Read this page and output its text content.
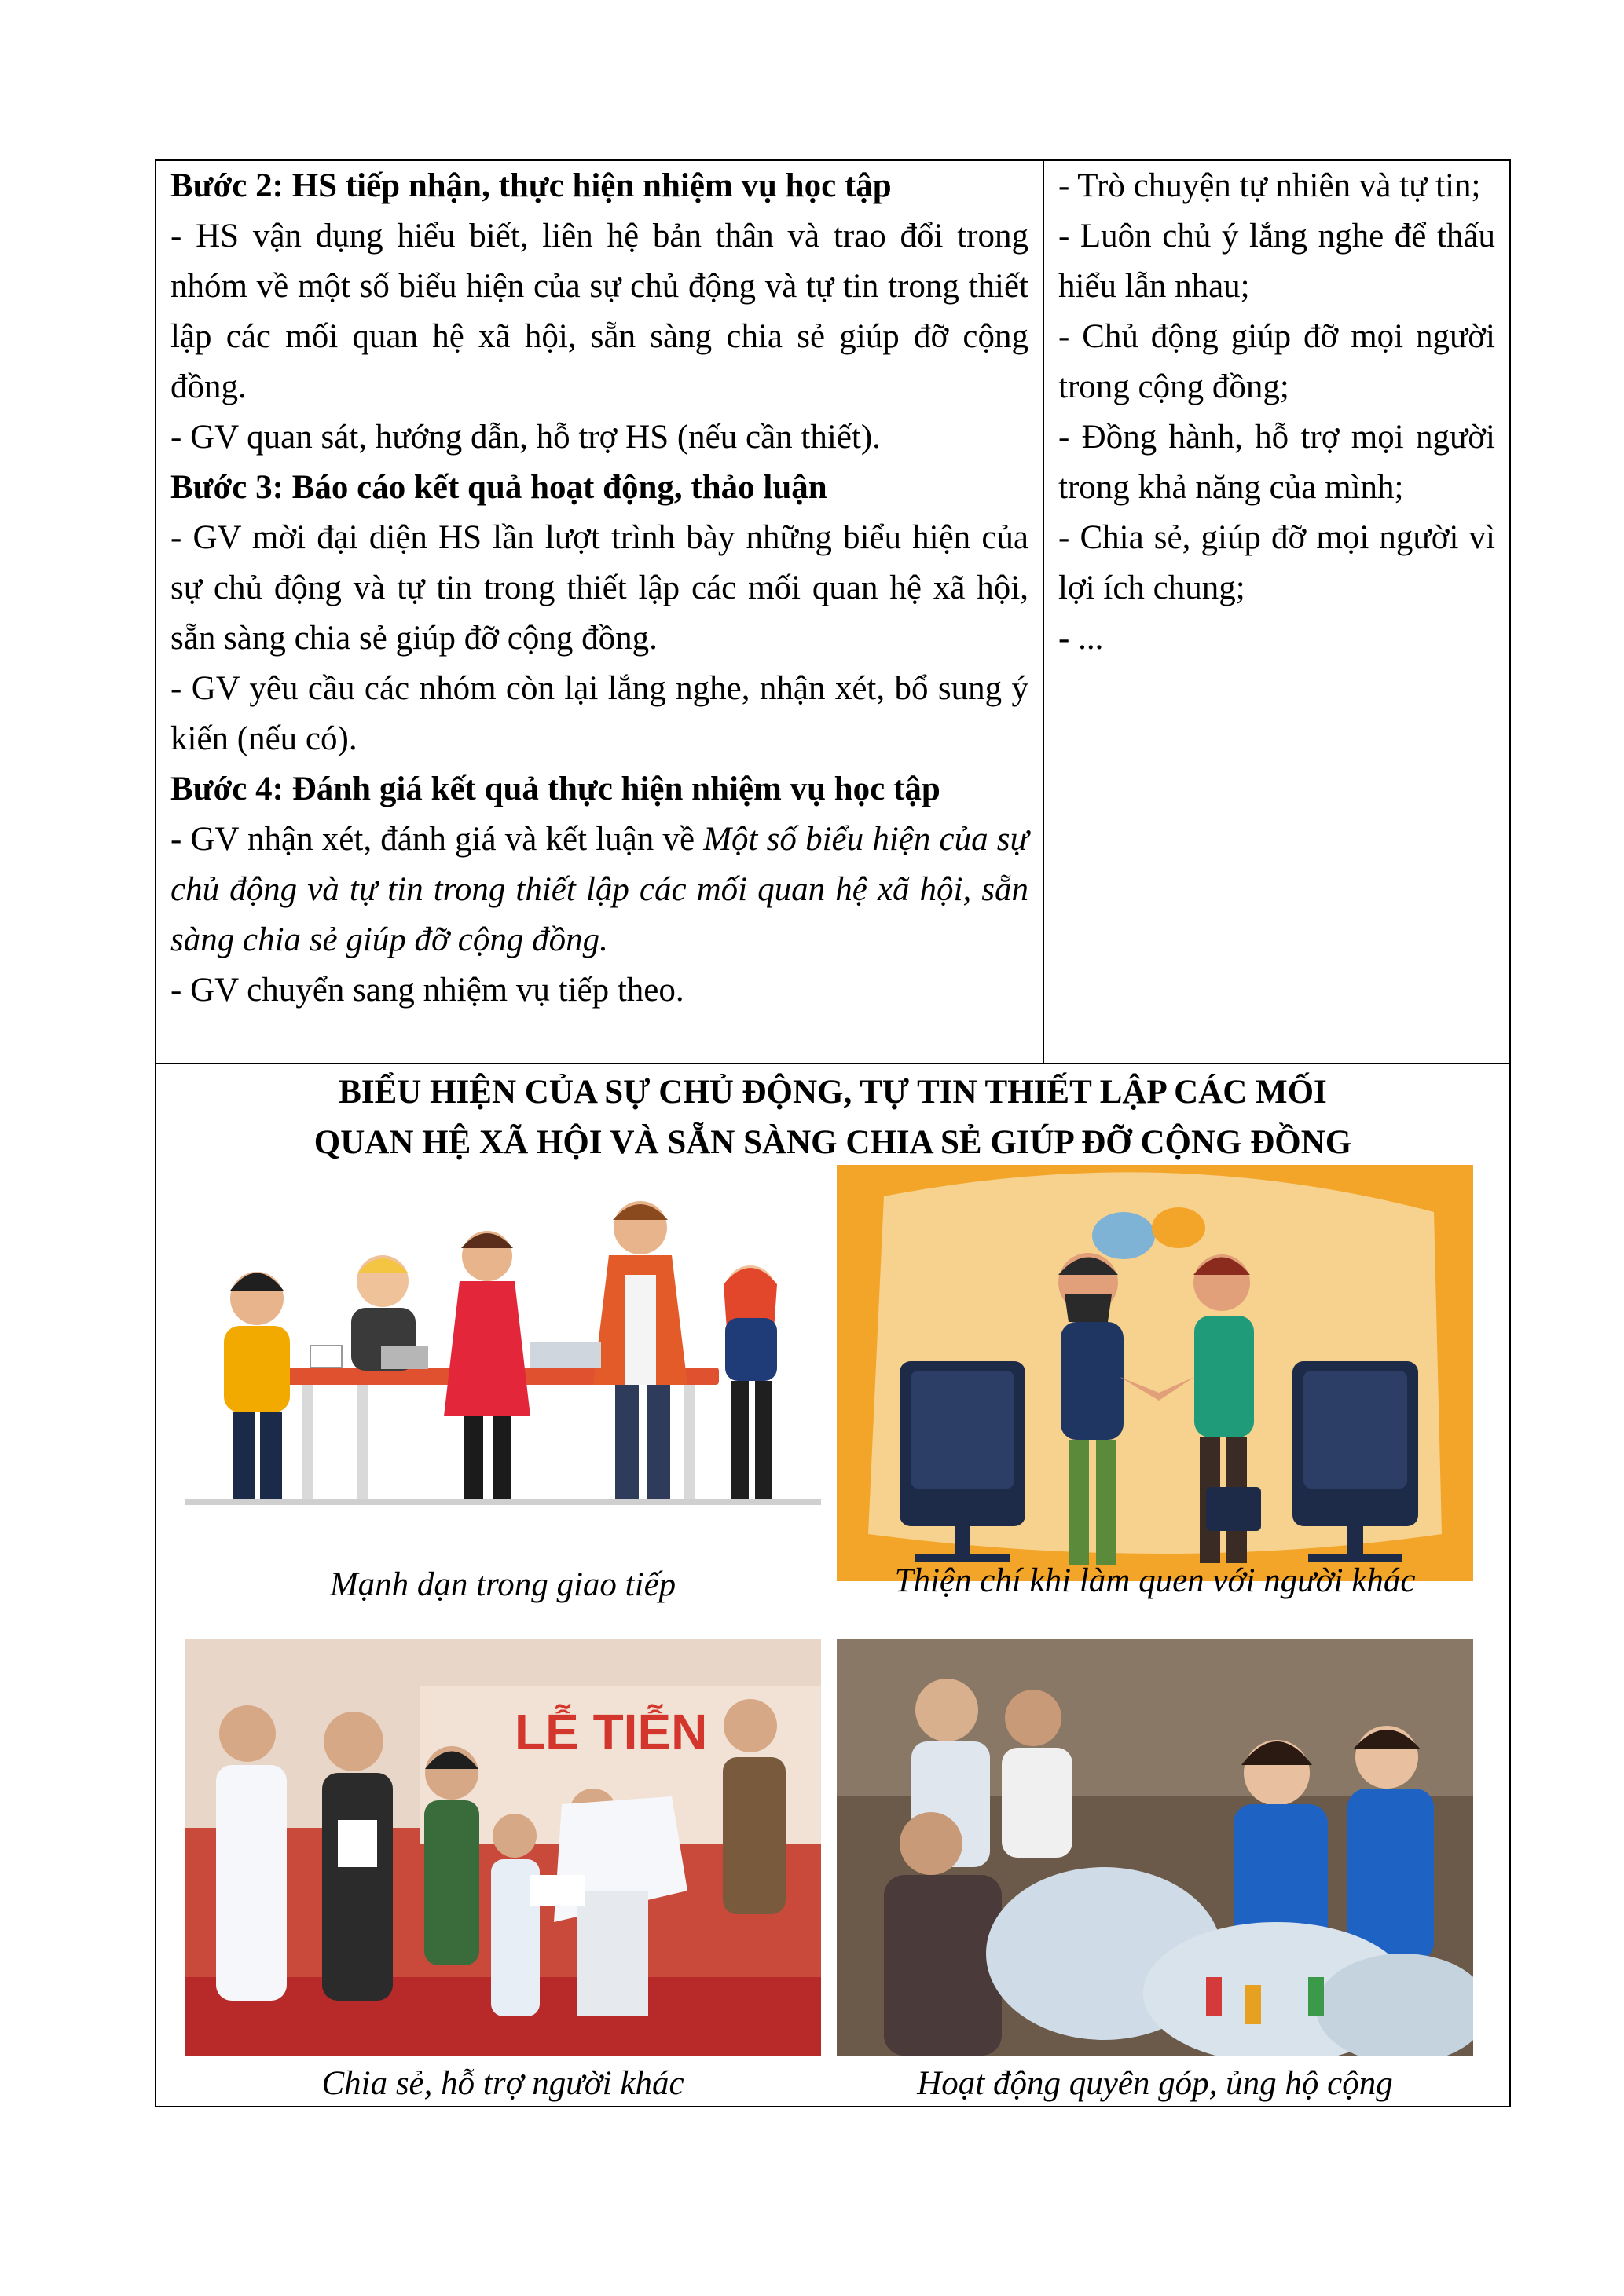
Bước 2: HS tiếp nhận, thực hiện nhiệm vụ học tập

- HS vận dụng hiểu biết, liên hệ bản thân và trao đổi trong nhóm về một số biểu hiện của sự chủ động và tự tin trong thiết lập các mối quan hệ xã hội, sẵn sàng chia sẻ giúp đỡ cộng đồng.

- GV quan sát, hướng dẫn, hỗ trợ HS (nếu cần thiết).

Bước 3: Báo cáo kết quả hoạt động, thảo luận

- GV mời đại diện HS lần lượt trình bày những biểu hiện của sự chủ động và tự tin trong thiết lập các mối quan hệ xã hội, sẵn sàng chia sẻ giúp đỡ cộng đồng.

- GV yêu cầu các nhóm còn lại lắng nghe, nhận xét, bổ sung ý kiến (nếu có).

Bước 4: Đánh giá kết quả thực hiện nhiệm vụ học tập

- GV nhận xét, đánh giá và kết luận về Một số biểu hiện của sự chủ động và tự tin trong thiết lập các mối quan hệ xã hội, sẵn sàng chia sẻ giúp đỡ cộng đồng.

- GV chuyển sang nhiệm vụ tiếp theo.

- Trò chuyện tự nhiên và tự tin;

- Luôn chủ ý lắng nghe để thấu hiểu lẫn nhau;

- Chủ động giúp đỡ mọi người trong cộng đồng;

- Đồng hành, hỗ trợ mọi người trong khả năng của mình;

- Chia sẻ, giúp đỡ mọi người vì lợi ích chung;

- ...

BIỂU HIỆN CỦA SỰ CHỦ ĐỘNG, TỰ TIN THIẾT LẬP CÁC MỐI
QUAN HỆ XÃ HỘI VÀ SẴN SÀNG CHIA SẺ GIÚP ĐỠ CỘNG ĐỒNG
Mạnh dạn trong giao tiếp	Thiện chí khi làm quen với người khác
LỄ TIỄN
Chia sẻ, hỗ trợ người khác	Hoạt động quyên góp, ủng hộ cộng
